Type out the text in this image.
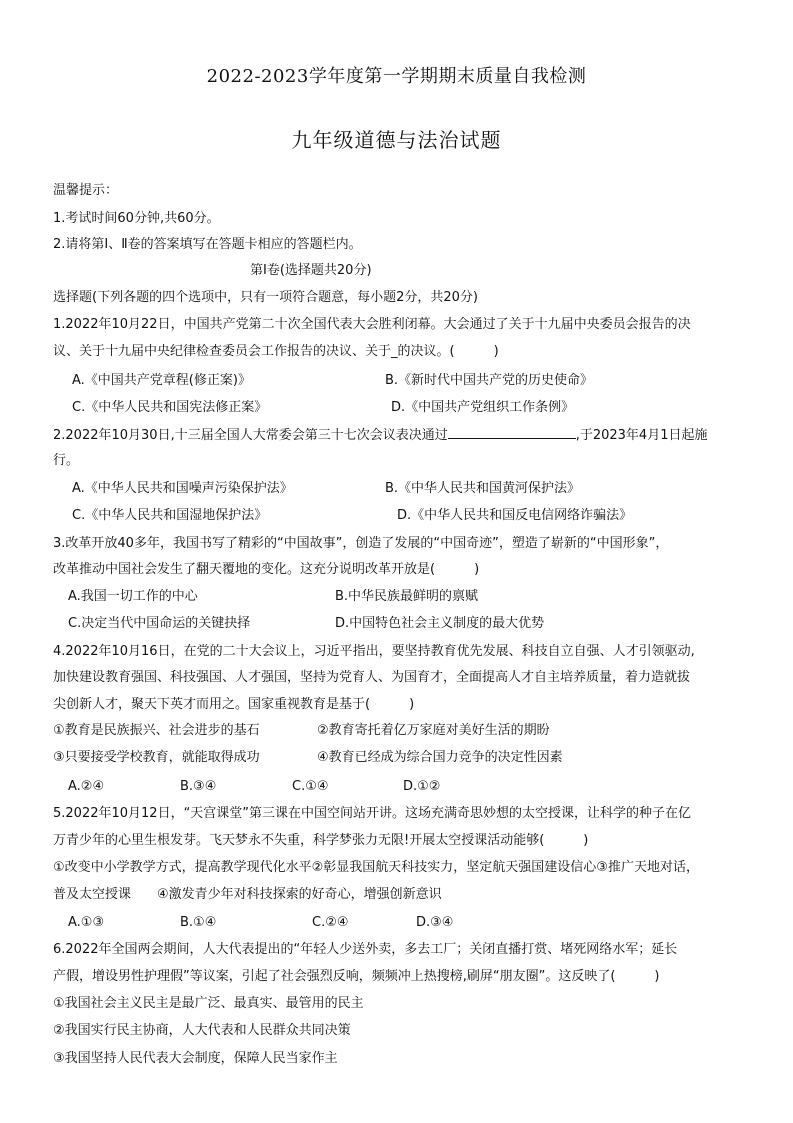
2022-2023学年度第一学期期末质量自我检测
九年级道德与法治试题
温馨提示：
1.考试时间60分钟,共60分。
2.请将第Ⅰ、Ⅱ卷的答案填写在答题卡相应的答题栏内。
第Ⅰ卷(选择题共20分)
选择题(下列各题的四个选项中，只有一项符合题意，每小题2分，共20分)
1.2022年10月22日，中国共产党第二十次全国代表大会胜利闭幕。大会通过了关于十九届中央委员会报告的决
议、关于十九届中央纪律检查委员会工作报告的决议、关于_的决议。(　　　)
A.《中国共产党章程(修正案)》	B.《新时代中国共产党的历史使命》
C.《中华人民共和国宪法修正案》	D.《中国共产党组织工作条例》
2.2022年10月30日,十三届全国人大常委会第三十七次会议表决通过	,于2023年4月1日起施
行。
A.《中华人民共和国噪声污染保护法》	B.《中华人民共和国黄河保护法》
C.《中华人民共和国湿地保护法》	D.《中华人民共和国反电信网络诈骗法》
3.改革开放40多年，我国书写了精彩的“中国故事”，创造了发展的“中国奇迹”，塑造了崭新的“中国形象”，
改革推动中国社会发生了翻天覆地的变化。这充分说明改革开放是(　　　)
A.我国一切工作的中心	B.中华民族最鲜明的禀赋
C.决定当代中国命运的关键抉择	D.中国特色社会主义制度的最大优势
4.2022年10月16日，在党的二十大会议上，习近平指出，要坚持教育优先发展、科技自立自强、人才引领驱动,
加快建设教育强国、科技强国、人才强国，坚持为党育人、为国育才，全面提高人才自主培养质量，着力造就拔
尖创新人才，聚天下英才而用之。国家重视教育是基于(　　　)
①教育是民族振兴、社会进步的基石	②教育寄托着亿万家庭对美好生活的期盼
③只要接受学校教育，就能取得成功	④教育已经成为综合国力竞争的决定性因素
A.②④	B.③④	C.①④	D.①②
5.2022年10月12日，“天宫课堂”第三课在中国空间站开讲。这场充满奇思妙想的太空授课，让科学的种子在亿
万青少年的心里生根发芽。飞天梦永不失重，科学梦张力无限!开展太空授课活动能够(　　　)
①改变中小学教学方式，提高教学现代化水平②彰显我国航天科技实力，坚定航天强国建设信心③推广天地对话，
普及太空授课　　④激发青少年对科技探索的好奇心，增强创新意识
A.①③	B.①④	C.②④	D.③④
6.2022年全国两会期间，人大代表提出的“年轻人少送外卖，多去工厂；关闭直播打赏、堵死网络水军；延长
产假，增设男性护理假”等议案，引起了社会强烈反响，频频冲上热搜榜,刷屏“朋友圈”。这反映了(　　　)
①我国社会主义民主是最广泛、最真实、最管用的民主
②我国实行民主协商，人大代表和人民群众共同决策
③我国坚持人民代表大会制度，保障人民当家作主
